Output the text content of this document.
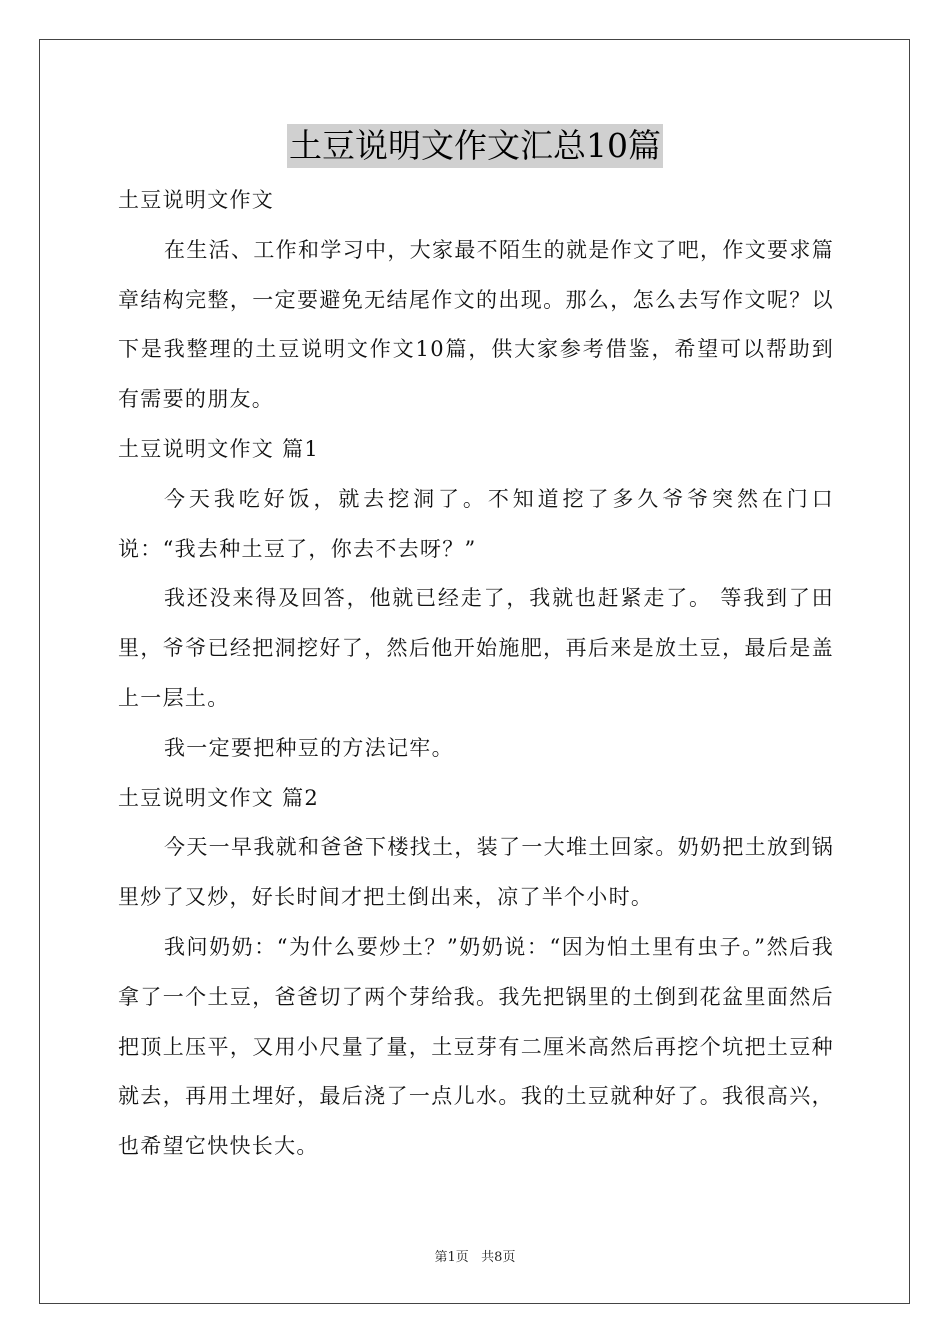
土豆说明文作文汇总10篇

土豆说明文作文

在生活、工作和学习中，大家最不陌生的就是作文了吧，作文要求篇章结构完整，一定要避免无结尾作文的出现。那么，怎么去写作文呢？以下是我整理的土豆说明文作文10篇，供大家参考借鉴，希望可以帮助到有需要的朋友。

土豆说明文作文 篇1

今天我吃好饭，就去挖洞了。不知道挖了多久爷爷突然在门口说：“我去种土豆了，你去不去呀？”

我还没来得及回答，他就已经走了，我就也赶紧走了。 等我到了田里，爷爷已经把洞挖好了，然后他开始施肥，再后来是放土豆，最后是盖上一层土。

我一定要把种豆的方法记牢。

土豆说明文作文 篇2

今天一早我就和爸爸下楼找土，装了一大堆土回家。奶奶把土放到锅里炒了又炒，好长时间才把土倒出来，凉了半个小时。

我问奶奶：“为什么要炒土？”奶奶说：“因为怕土里有虫子。”然后我拿了一个土豆，爸爸切了两个芽给我。我先把锅里的土倒到花盆里面然后把顶上压平，又用小尺量了量，土豆芽有二厘米高然后再挖个坑把土豆种就去，再用土埋好，最后浇了一点儿水。我的土豆就种好了。我很高兴，也希望它快快长大。

第1页   共8页
